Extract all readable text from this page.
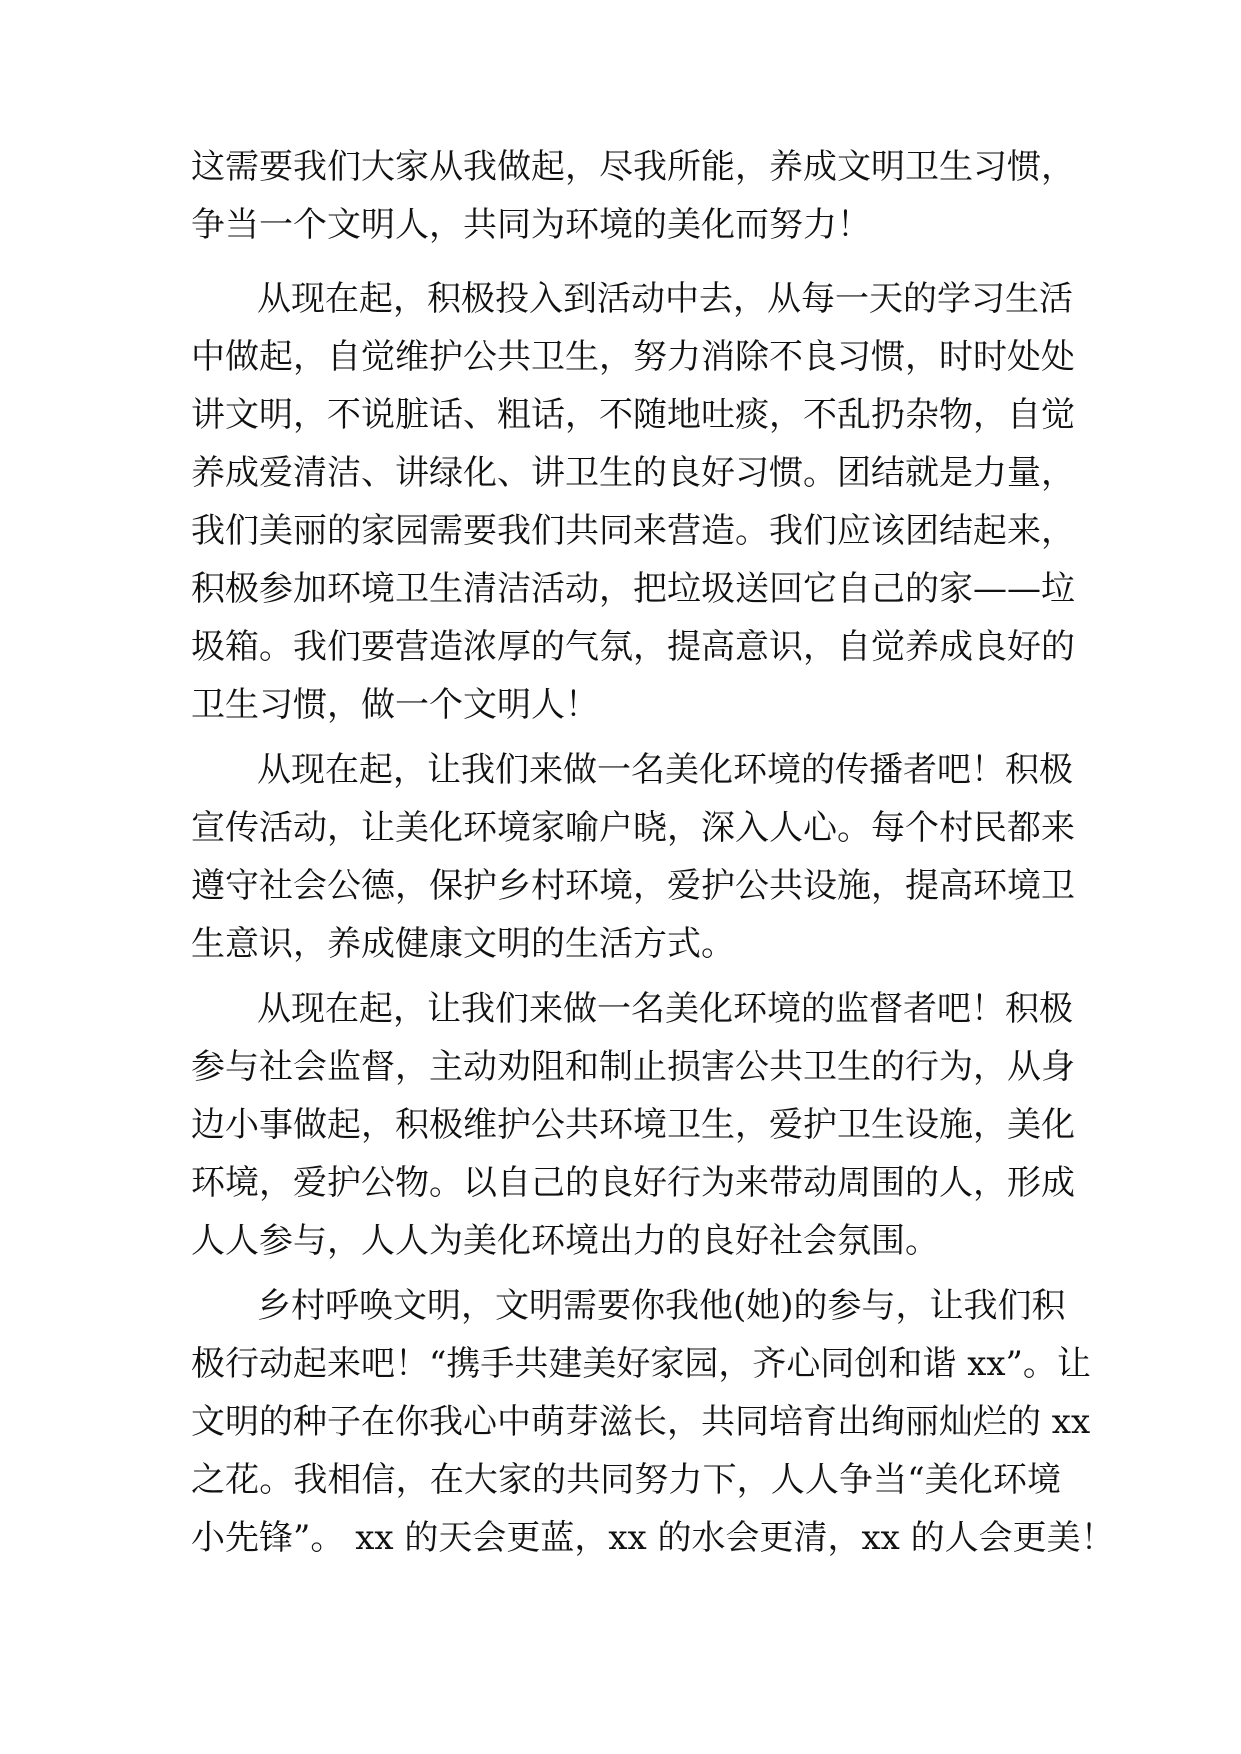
这需要我们大家从我做起，尽我所能，养成文明卫生习惯，
争当一个文明人，共同为环境的美化而努力！
从现在起，积极投入到活动中去，从每一天的学习生活
中做起，自觉维护公共卫生，努力消除不良习惯，时时处处
讲文明，不说脏话、粗话，不随地吐痰，不乱扔杂物，自觉
养成爱清洁、讲绿化、讲卫生的良好习惯。团结就是力量，
我们美丽的家园需要我们共同来营造。我们应该团结起来，
积极参加环境卫生清洁活动，把垃圾送回它自己的家——垃
圾箱。我们要营造浓厚的气氛，提高意识，自觉养成良好的
卫生习惯，做一个文明人！
从现在起，让我们来做一名美化环境的传播者吧！积极
宣传活动，让美化环境家喻户晓，深入人心。每个村民都来
遵守社会公德，保护乡村环境，爱护公共设施，提高环境卫
生意识，养成健康文明的生活方式。
从现在起，让我们来做一名美化环境的监督者吧！积极
参与社会监督，主动劝阻和制止损害公共卫生的行为，从身
边小事做起，积极维护公共环境卫生，爱护卫生设施，美化
环境，爱护公物。以自己的良好行为来带动周围的人，形成
人人参与，人人为美化环境出力的良好社会氛围。
乡村呼唤文明，文明需要你我他(她)的参与，让我们积
极行动起来吧！“携手共建美好家园，齐心同创和谐 xx”。让
文明的种子在你我心中萌芽滋长，共同培育出绚丽灿烂的 xx
之花。我相信，在大家的共同努力下，人人争当“美化环境
小先锋”。 xx 的天会更蓝，xx 的水会更清，xx 的人会更美！
